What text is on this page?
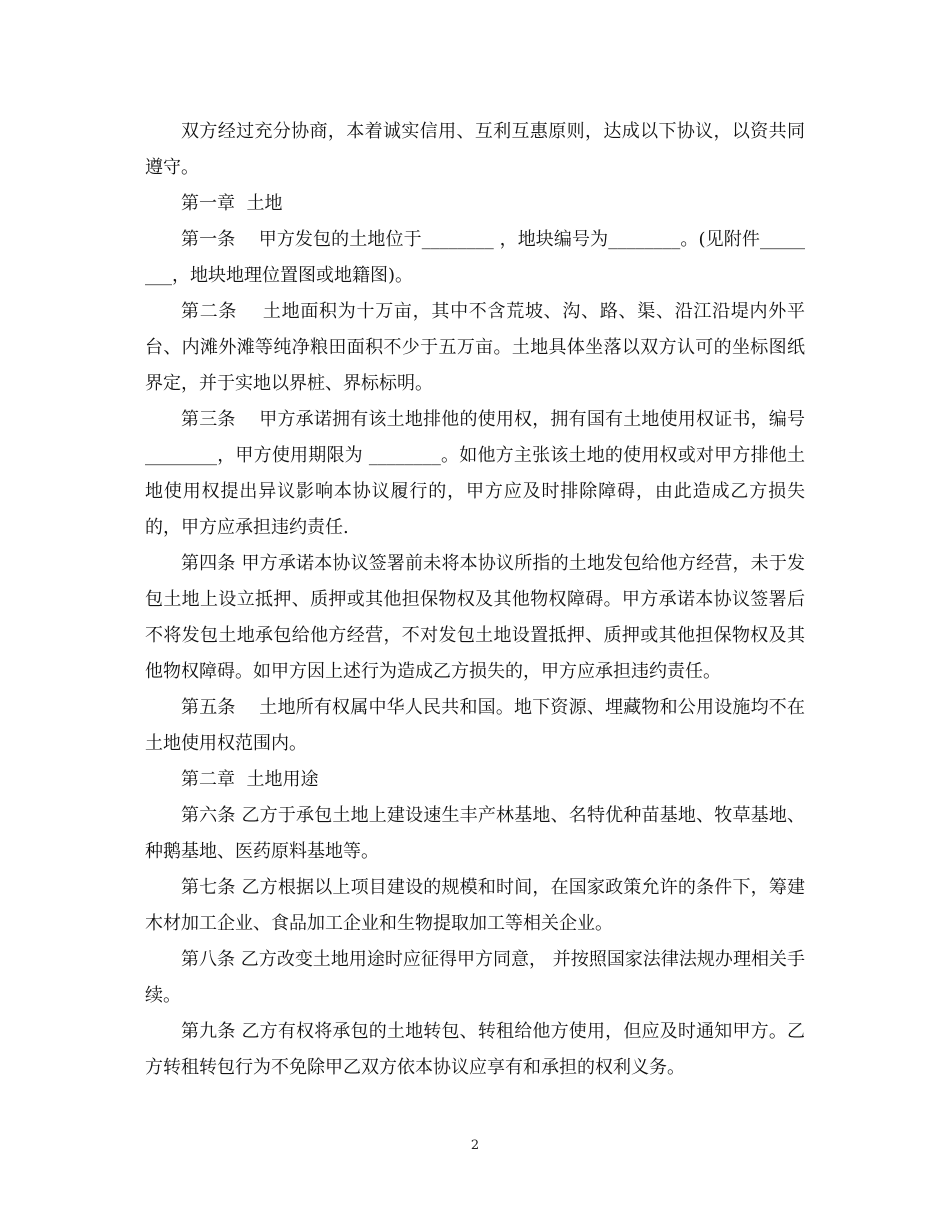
双方经过充分协商，本着诚实信用、互利互惠原则，达成以下协议，以资共同遵守。

第一章  土地

第一条    甲方发包的土地位于________ ，地块编号为________。(见附件________，地块地理位置图或地籍图)。

第二条    土地面积为十万亩，其中不含荒坡、沟、路、渠、沿江沿堤内外平台、内滩外滩等纯净粮田面积不少于五万亩。土地具体坐落以双方认可的坐标图纸界定，并于实地以界桩、界标标明。

第三条    甲方承诺拥有该土地排他的使用权，拥有国有土地使用权证书，编号________，甲方使用期限为 ________。如他方主张该土地的使用权或对甲方排他土地使用权提出异议影响本协议履行的，甲方应及时排除障碍，由此造成乙方损失的，甲方应承担违约责任.

第四条 甲方承诺本协议签署前未将本协议所指的土地发包给他方经营，未于发包土地上设立抵押、质押或其他担保物权及其他物权障碍。甲方承诺本协议签署后不将发包土地承包给他方经营，不对发包土地设置抵押、质押或其他担保物权及其他物权障碍。如甲方因上述行为造成乙方损失的，甲方应承担违约责任。

第五条    土地所有权属中华人民共和国。地下资源、埋藏物和公用设施均不在土地使用权范围内。

第二章  土地用途

第六条 乙方于承包土地上建设速生丰产林基地、名特优种苗基地、牧草基地、种鹅基地、医药原料基地等。

第七条 乙方根据以上项目建设的规模和时间，在国家政策允许的条件下，筹建木材加工企业、食品加工企业和生物提取加工等相关企业。

第八条 乙方改变土地用途时应征得甲方同意， 并按照国家法律法规办理相关手续。

第九条 乙方有权将承包的土地转包、转租给他方使用，但应及时通知甲方。乙方转租转包行为不免除甲乙双方依本协议应享有和承担的权利义务。

2
